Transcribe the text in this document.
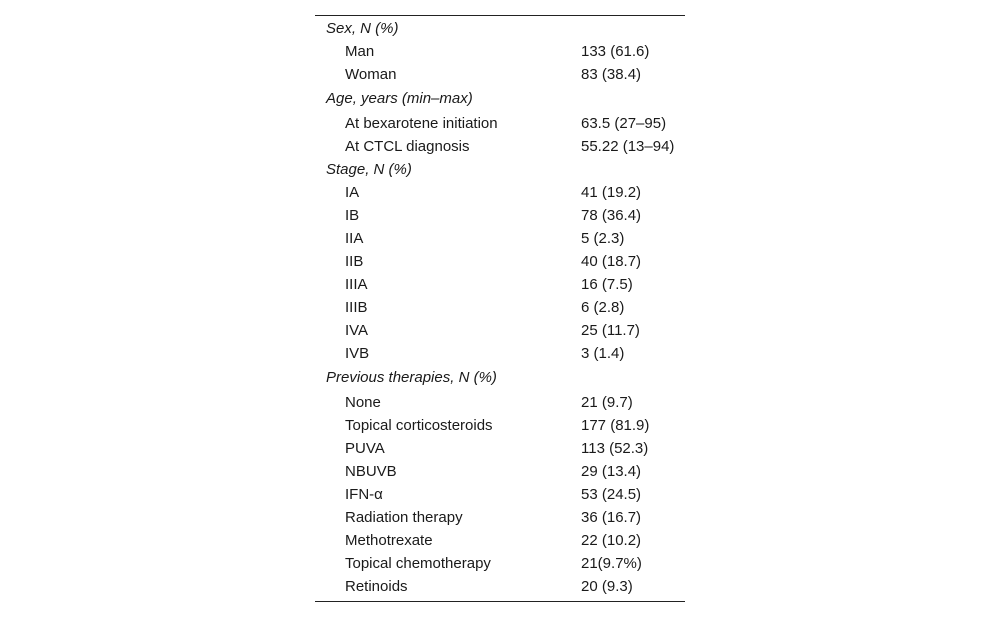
Sex, N (%)	
Man	133 (61.6)
Woman	83 (38.4)
Age, years (min–max)	
At bexarotene initiation	63.5 (27–95)
At CTCL diagnosis	55.22 (13–94)
Stage, N (%)	
IA	41 (19.2)
IB	78 (36.4)
IIA	5 (2.3)
IIB	40 (18.7)
IIIA	16 (7.5)
IIIB	6 (2.8)
IVA	25 (11.7)
IVB	3 (1.4)
Previous therapies, N (%)	
None	21 (9.7)
Topical corticosteroids	177 (81.9)
PUVA	113 (52.3)
NBUVB	29 (13.4)
IFN-α	53 (24.5)
Radiation therapy	36 (16.7)
Methotrexate	22 (10.2)
Topical chemotherapy	21(9.7%)
Retinoids	20 (9.3)
